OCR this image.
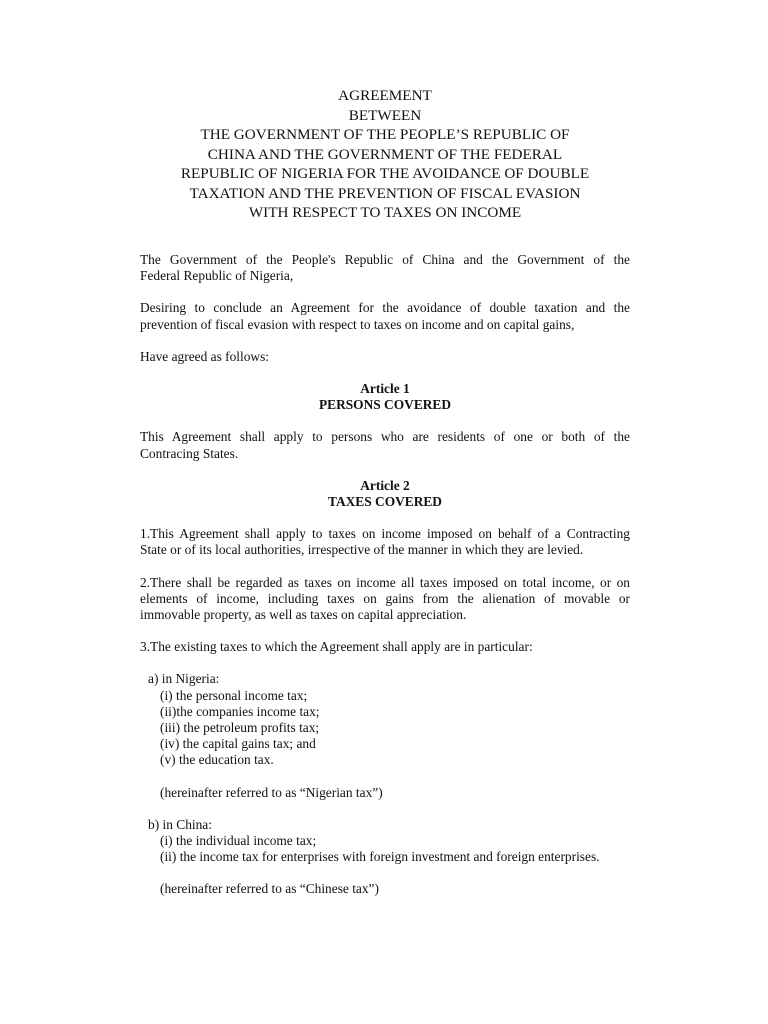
AGREEMENT
BETWEEN
THE GOVERNMENT OF THE PEOPLE’S REPUBLIC OF
CHINA AND THE GOVERNMENT OF THE FEDERAL
REPUBLIC OF NIGERIA FOR THE AVOIDANCE OF DOUBLE
TAXATION AND THE PREVENTION OF FISCAL EVASION
WITH RESPECT TO TAXES ON INCOME

The Government of the People's Republic of China and the Government of the
Federal Republic of Nigeria,

Desiring to conclude an Agreement for the avoidance of double taxation and the
prevention of fiscal evasion with respect to taxes on income and on capital gains,

Have agreed as follows:

Article 1
PERSONS COVERED

This Agreement shall apply to persons who are residents of one or both of the
Contracing States.

Article 2
TAXES COVERED

1.This Agreement shall apply to taxes on income imposed on behalf of a Contracting
State or of its local authorities, irrespective of the manner in which they are levied.

2.There shall be regarded as taxes on income all taxes imposed on total income, or on
elements of income, including taxes on gains from the alienation of movable or
immovable property, as well as taxes on capital appreciation.

3.The existing taxes to which the Agreement shall apply are in particular:

a) in Nigeria:
(i) the personal income tax;
(ii)the companies income tax;
(iii) the petroleum profits tax;
(iv) the capital gains tax; and
(v) the education tax.
(hereinafter referred to as “Nigerian tax”)
b) in China:
(i) the individual income tax;
(ii) the income tax for enterprises with foreign investment and foreign enterprises.
(hereinafter referred to as “Chinese tax”)
